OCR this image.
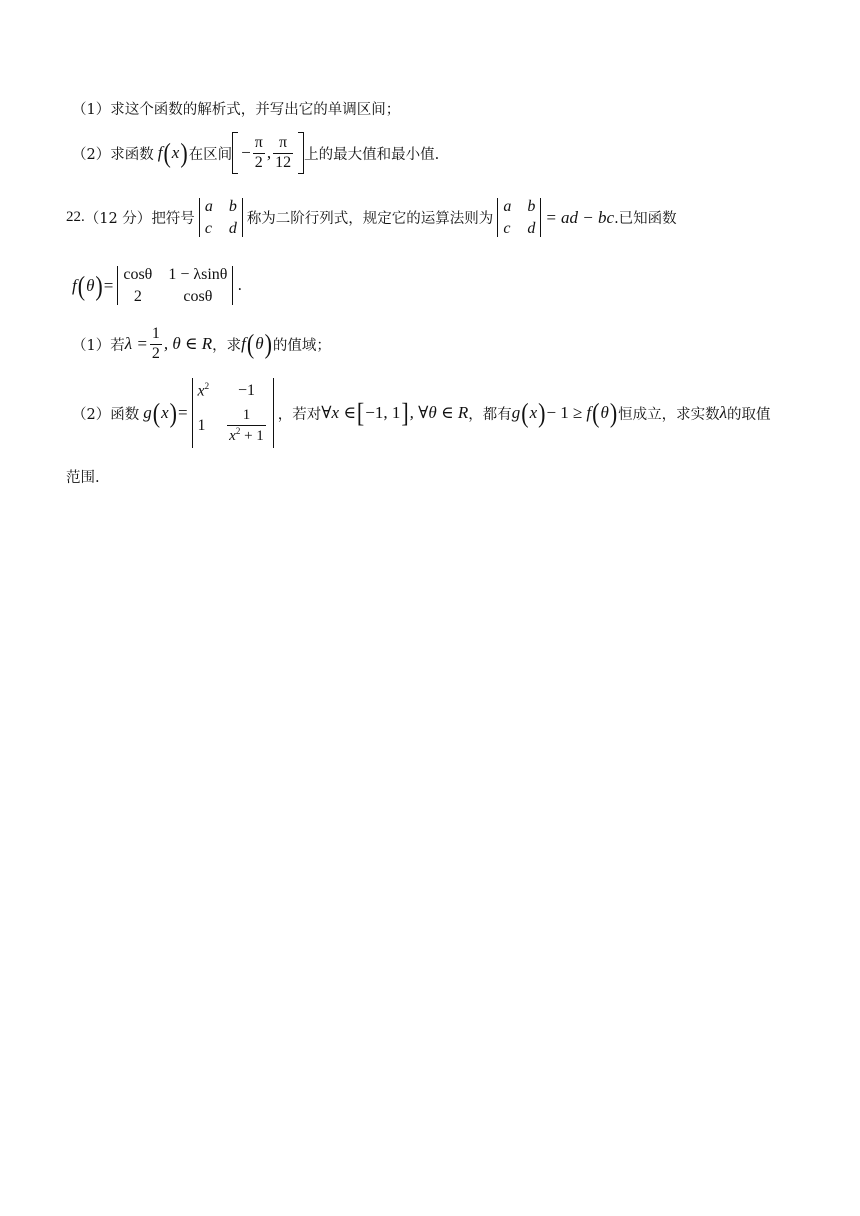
（1）求这个函数的解析式，并写出它的单调区间；
（2）求函数 f ( x ) 在区间 − $\frac{\pi}{2}$ , $\frac{\pi}{12}$ 上的最大值和最小值.
22. （12 分） 把符号
a b
c d
称为二阶行列式，规定它的运算法则为
a b
c d
= ad − bc .已知函数
f ( θ ) =
cosθ 1 − λsinθ
2	cosθ
.
（1）若 $\lambda = \frac{1}{2}$ , θ ∈ R ，求 f ( θ ) 的值域；
（2）函数 g ( x ) =
$x^2$	−1
$1 \frac{1}{x^2 + 1}$ ，若对 ∀x ∈ [ −1, 1 ] , ∀θ ∈ R ，都有 g ( x ) − 1 ≥ f ( θ ) 恒成立，求实数 λ 的取值
范围.
